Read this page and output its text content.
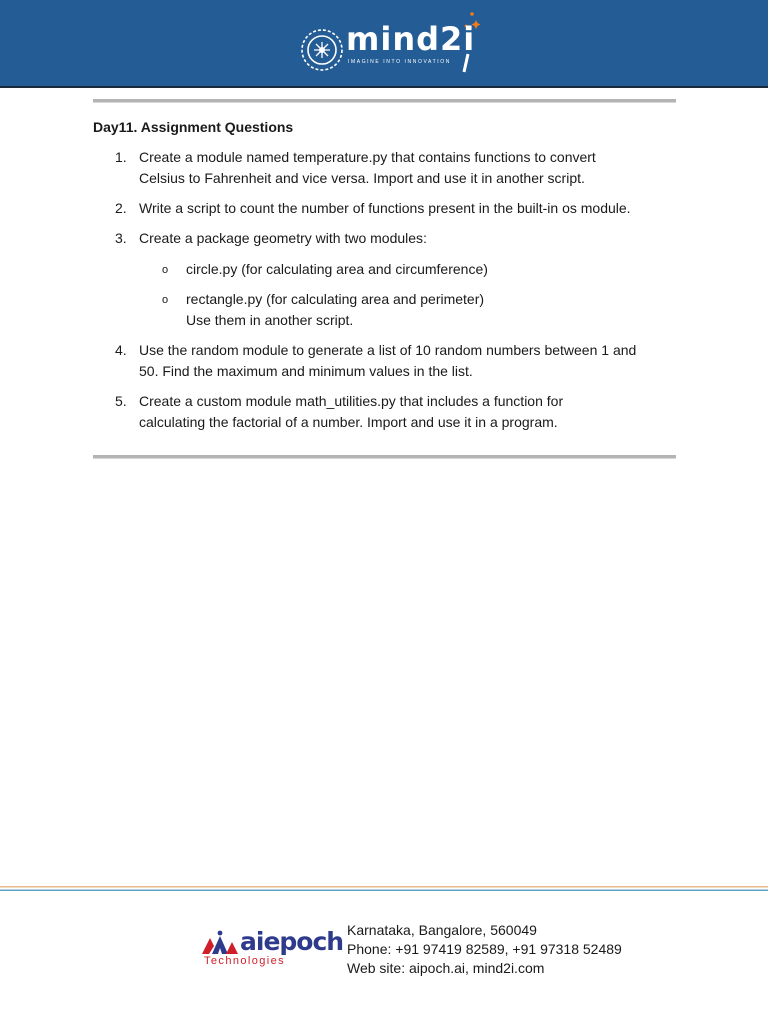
mind2i
IMAGINE INTO INNOVATION
Day11. Assignment Questions
1. Create a module named temperature.py that contains functions to convert
Celsius to Fahrenheit and vice versa. Import and use it in another script.
2. Write a script to count the number of functions present in the built-in os module.
3. Create a package geometry with two modules:
o circle.py (for calculating area and circumference)
o rectangle.py (for calculating area and perimeter)
Use them in another script.
4. Use the random module to generate a list of 10 random numbers between 1 and
50. Find the maximum and minimum values in the list.
5. Create a custom module math_utilities.py that includes a function for
calculating the factorial of a number. Import and use it in a program.
aiepoch
Technologies
Karnataka, Bangalore, 560049
Phone: +91 97419 82589, +91 97318 52489
Web site: aipoch.ai, mind2i.com
